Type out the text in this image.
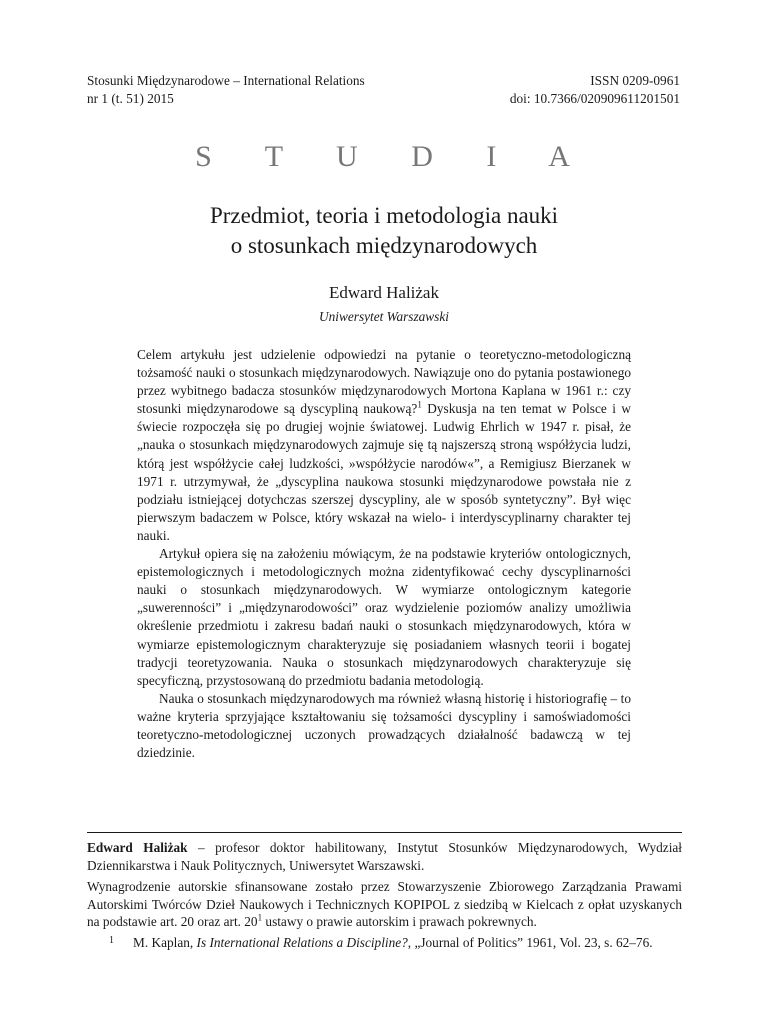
Stosunki Międzynarodowe – International Relations
nr 1 (t. 51) 2015
ISSN 0209-0961
doi: 10.7366/020909611201501
S T U D I A
Przedmiot, teoria i metodologia nauki
o stosunkach międzynarodowych
Edward Haliżak
Uniwersytet Warszawski

Celem artykułu jest udzielenie odpowiedzi na pytanie o teoretyczno-metodologiczną tożsamość nauki o stosunkach międzynarodowych. Nawiązuje ono do pytania postawionego przez wybitnego badacza stosunków międzynarodowych Mortona Kaplana w 1961 r.: czy stosunki międzynarodowe są dyscypliną naukową?$^1$ Dyskusja na ten temat w Polsce i w świecie rozpoczęła się po drugiej wojnie światowej. Ludwig Ehrlich w 1947 r. pisał, że „nauka o stosunkach międzynarodowych zajmuje się tą najszerszą stroną współżycia ludzi, którą jest współżycie całej ludzkości, »współżycie narodów«”, a Remigiusz Bierzanek w 1971 r. utrzymywał, że „dyscyplina naukowa stosunki międzynarodowe powstała nie z podziału istniejącej dotychczas szerszej dyscypliny, ale w sposób syntetyczny”. Był więc pierwszym badaczem w Polsce, który wskazał na wielo- i interdyscyplinarny charakter tej nauki.

Artykuł opiera się na założeniu mówiącym, że na podstawie kryteriów ontologicznych, epistemologicznych i metodologicznych można zidentyfikować cechy dyscyplinarności nauki o stosunkach międzynarodowych. W wymiarze ontologicznym kategorie „suwerenności” i „międzynarodowości” oraz wydzielenie poziomów analizy umożliwia określenie przedmiotu i zakresu badań nauki o stosunkach międzynarodowych, która w wymiarze epistemologicznym charakteryzuje się posiadaniem własnych teorii i bogatej tradycji teoretyzowania. Nauka o stosunkach międzynarodowych charakteryzuje się specyficzną, przystosowaną do przedmiotu badania metodologią.

Nauka o stosunkach międzynarodowych ma również własną historię i historiografię – to ważne kryteria sprzyjające kształtowaniu się tożsamości dyscypliny i samoświadomości teoretyczno-metodologicznej uczonych prowadzących działalność badawczą w tej dziedzinie.

Edward Haliżak – profesor doktor habilitowany, Instytut Stosunków Międzynarodowych, Wydział Dziennikarstwa i Nauk Politycznych, Uniwersytet Warszawski.
Wynagrodzenie autorskie sfinansowane zostało przez Stowarzyszenie Zbiorowego Zarządzania Prawami Autorskimi Twórców Dzieł Naukowych i Technicznych KOPIPOL z siedzibą w Kielcach z opłat uzyskanych na podstawie art. 20 oraz art. 20$^1$ ustawy o prawie autorskim i prawach pokrewnych.
1	M. Kaplan, Is International Relations a Discipline?, „Journal of Politics” 1961, Vol. 23, s. 62–76.
